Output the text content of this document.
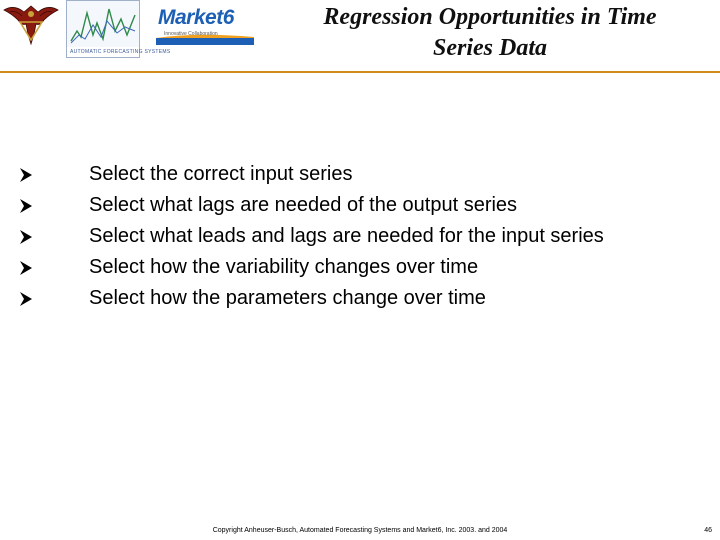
AUTOMATIC FORECASTING SYSTEMS
Market6
Innovative Collaboration
Regression Opportunities in Time
Series Data
Select the correct input series
Select what lags are needed of the output series
Select what leads and lags are needed for the input series
Select how the variability changes over time
Select how the parameters change over time
Copyright Anheuser-Busch, Automated Forecasting Systems and Market6, Inc. 2003. and 2004	46
